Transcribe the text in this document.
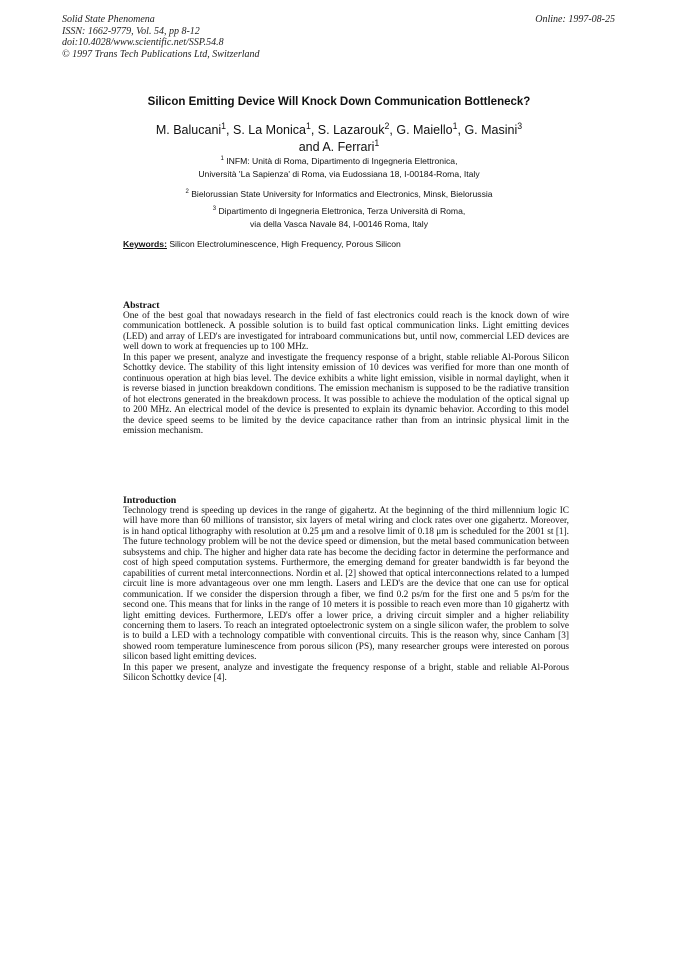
Solid State Phenomena
ISSN: 1662-9779, Vol. 54, pp 8-12
doi:10.4028/www.scientific.net/SSP.54.8
© 1997 Trans Tech Publications Ltd, Switzerland
Online: 1997-08-25
Silicon Emitting Device Will Knock Down Communication Bottleneck?
M. Balucani$^1$, S. La Monica$^1$, S. Lazarouk$^2$, G. Maiello$^1$, G. Masini$^3$
and A. Ferrari$^1$
$^1$ INFM: Unità di Roma, Dipartimento di Ingegneria Elettronica,
Università 'La Sapienza' di Roma, via Eudossiana 18, I-00184-Roma, Italy
$^2$ Bielorussian State University for Informatics and Electronics, Minsk, Bielorussia
$^3$ Dipartimento di Ingegneria Elettronica, Terza Università di Roma,
via della Vasca Navale 84, I-00146 Roma, Italy
Keywords: Silicon Electroluminescence, High Frequency, Porous Silicon
Abstract

One of the best goal that nowadays research in the field of fast electronics could reach is the knock down of wire communication bottleneck. A possible solution is to build fast optical communication links. Light emitting devices (LED) and array of LED's are investigated for intraboard communications but, until now, commercial LED devices are well down to work at frequencies up to 100 MHz.

In this paper we present, analyze and investigate the frequency response of a bright, stable reliable Al-Porous Silicon Schottky device. The stability of this light intensity emission of 10 devices was verified for more than one month of continuous operation at high bias level. The device exhibits a white light emission, visible in normal daylight, when it is reverse biased in junction breakdown conditions. The emission mechanism is supposed to be the radiative transition of hot electrons generated in the breakdown process. It was possible to achieve the modulation of the optical signal up to 200 MHz. An electrical model of the device is presented to explain its dynamic behavior. According to this model the device speed seems to be limited by the device capacitance rather than from an intrinsic physical limit in the emission mechanism.

Introduction

Technology trend is speeding up devices in the range of gigahertz. At the beginning of the third millennium logic IC will have more than 60 millions of transistor, six layers of metal wiring and clock rates over one gigahertz. Moreover, is in hand optical lithography with resolution at 0.25 μm and a resolve limit of 0.18 μm is scheduled for the 2001 st [1]. The future technology problem will be not the device speed or dimension, but the metal based communication between subsystems and chip. The higher and higher data rate has become the deciding factor in determine the performance and cost of high speed computation systems. Furthermore, the emerging demand for greater bandwidth is far beyond the capabilities of current metal interconnections. Nordin et al. [2] showed that optical interconnections related to a lumped circuit line is more advantageous over one mm length. Lasers and LED's are the device that one can use for optical communication. If we consider the dispersion through a fiber, we find 0.2 ps/m for the first one and 5 ps/m for the second one. This means that for links in the range of 10 meters it is possible to reach even more than 10 gigahertz with light emitting devices. Furthermore, LED's offer a lower price, a driving circuit simpler and a higher reliability concerning them to lasers. To reach an integrated optoelectronic system on a single silicon wafer, the problem to solve is to build a LED with a technology compatible with conventional circuits. This is the reason why, since Canham [3] showed room temperature luminescence from porous silicon (PS), many researcher groups were interested on porous silicon based light emitting devices.

In this paper we present, analyze and investigate the frequency response of a bright, stable and reliable Al-Porous Silicon Schottky device [4].
